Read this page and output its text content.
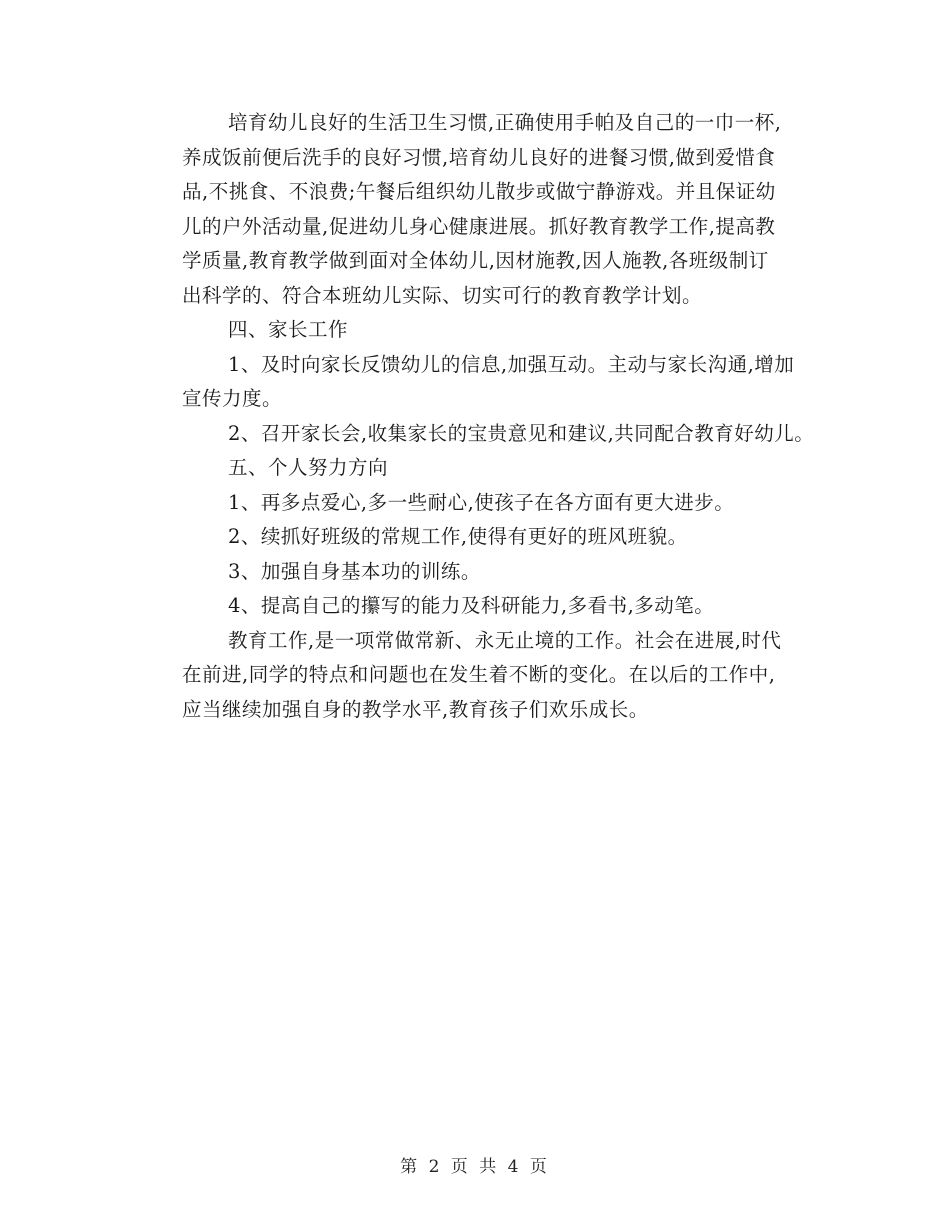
培育幼儿良好的生活卫生习惯,正确使用手帕及自己的一巾一杯,
养成饭前便后洗手的良好习惯,培育幼儿良好的进餐习惯,做到爱惜食
品,不挑食、不浪费;午餐后组织幼儿散步或做宁静游戏。并且保证幼
儿的户外活动量,促进幼儿身心健康进展。抓好教育教学工作,提高教
学质量,教育教学做到面对全体幼儿,因材施教,因人施教,各班级制订
出科学的、符合本班幼儿实际、切实可行的教育教学计划。

四、家长工作

1、及时向家长反馈幼儿的信息,加强互动。主动与家长沟通,增加
宣传力度。

2、召开家长会,收集家长的宝贵意见和建议,共同配合教育好幼儿。

五、个人努力方向

1、再多点爱心,多一些耐心,使孩子在各方面有更大进步。

2、续抓好班级的常规工作,使得有更好的班风班貌。

3、加强自身基本功的训练。

4、提高自己的攥写的能力及科研能力,多看书,多动笔。

教育工作,是一项常做常新、永无止境的工作。社会在进展,时代
在前进,同学的特点和问题也在发生着不断的变化。在以后的工作中,
应当继续加强自身的教学水平,教育孩子们欢乐成长。

第 2 页 共 4 页
